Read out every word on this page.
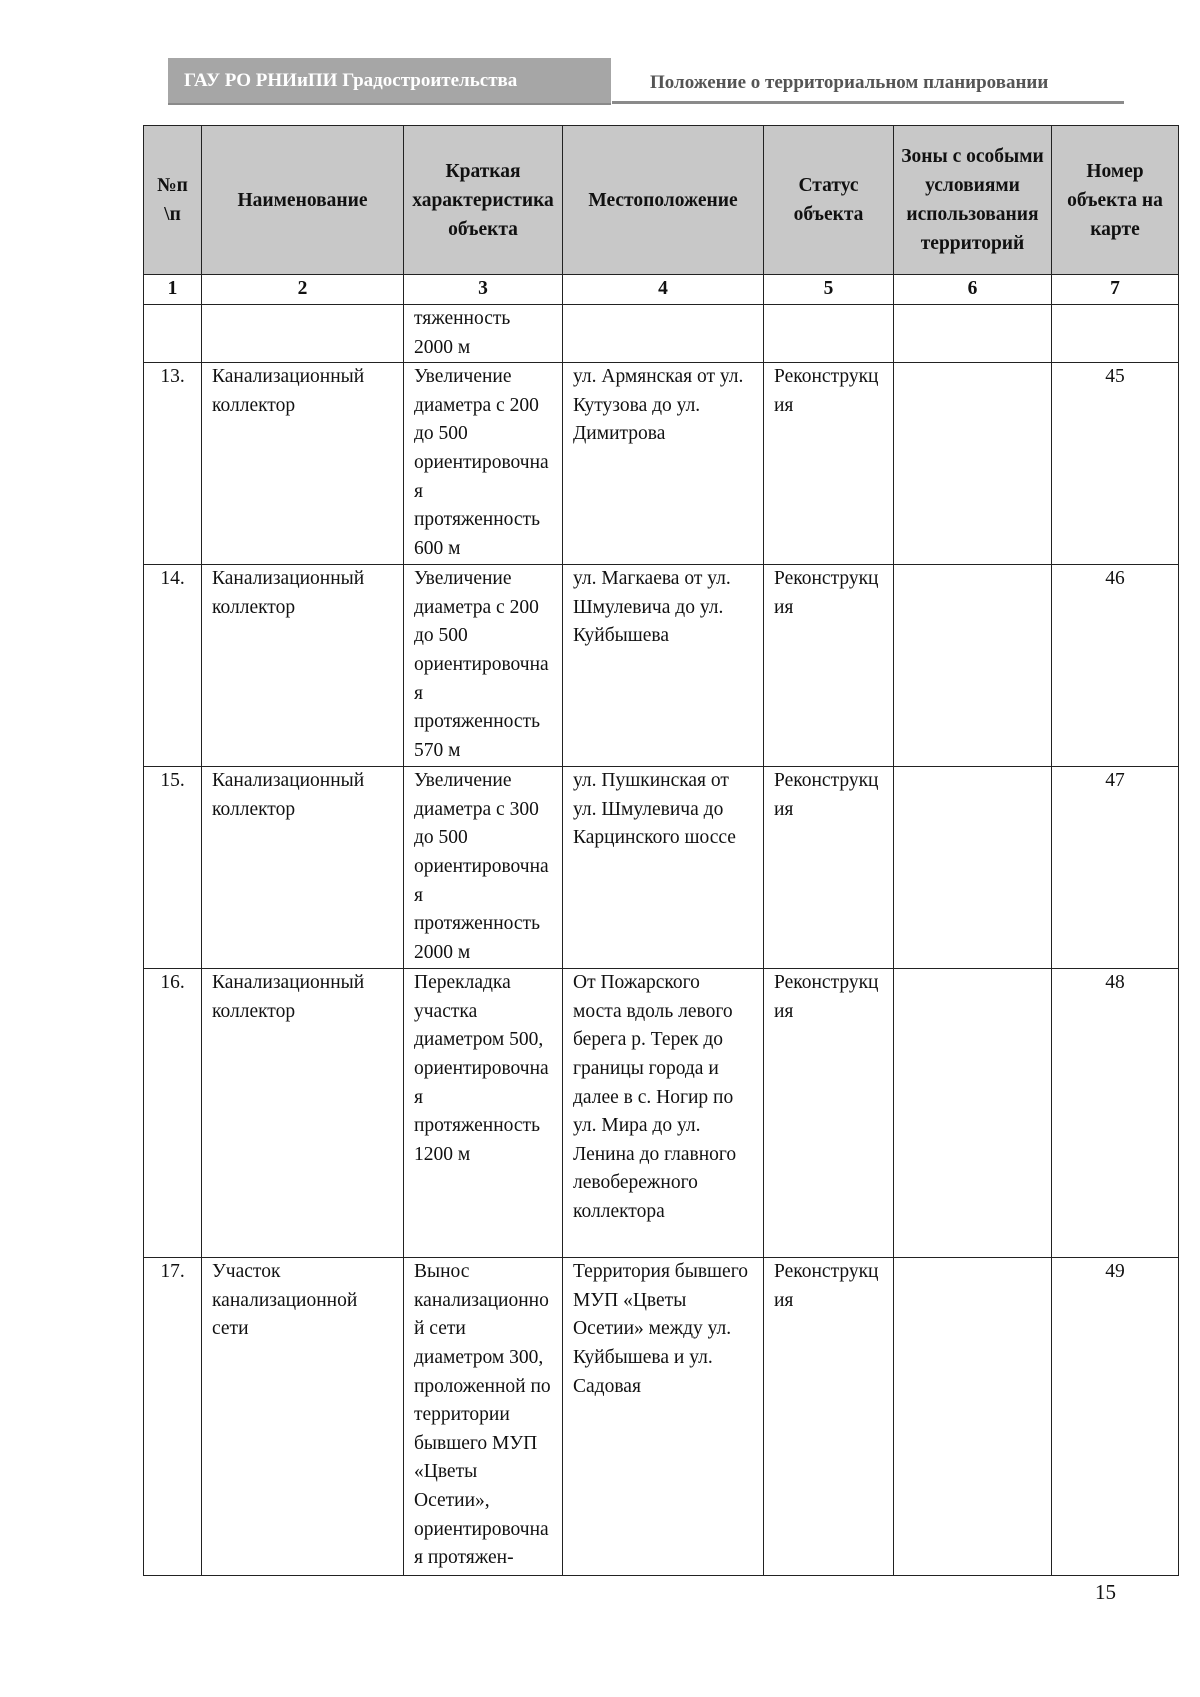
ГАУ РО РНИиПИ Градостроительства	Положение о территориальном планировании
№п \п	Наименование	Краткая характеристика объекта	Местоположение	Статус объекта	Зоны с особыми условиями использования территорий	Номер объекта на карте
1	2	3	4	5	6	7
		тяженность 2000 м				
13.	Канализационный коллектор	Увеличение диаметра с 200 до 500 ориентировочная протяженность 600 м	ул. Армянская от ул. Кутузова до ул. Димитрова	Реконструкция		45
14.	Канализационный коллектор	Увеличение диаметра с 200 до 500 ориентировочная протяженность 570 м	ул. Магкаева от ул. Шмулевича до ул. Куйбышева	Реконструкция		46
15.	Канализационный коллектор	Увеличение диаметра с 300 до 500 ориентировочная протяженность 2000 м	ул. Пушкинская от ул. Шмулевича до Карцинского шоссе	Реконструкция		47
16.	Канализационный коллектор	Перекладка участка диаметром 500, ориентировочная протяженность 1200 м	От Пожарского моста вдоль левого берега р. Терек до границы города и далее в с. Ногир по ул. Мира до ул. Ленина до главного левобережного коллектора	Реконструкция		48
17.	Участок канализационной сети	Вынос канализационной сети диаметром 300, проложенной по территории бывшего МУП «Цветы Осетии», ориентировочная протяжен-	Территория бывшего МУП «Цветы Осетии» между ул. Куйбышева и ул. Садовая	Реконструкция		49
15
